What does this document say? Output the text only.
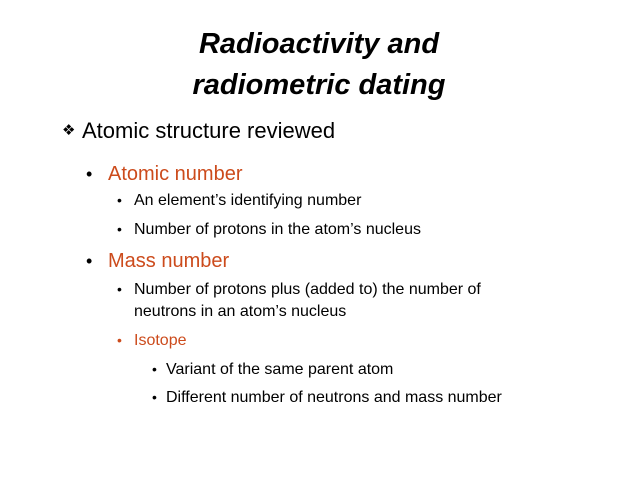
Radioactivity and
radiometric dating
❖ Atomic structure reviewed
• Atomic number
• An element’s identifying number
• Number of protons in the atom’s nucleus
• Mass number
• Number of protons plus (added to) the number of
neutrons in an atom’s nucleus
• Isotope
• Variant of the same parent atom
• Different number of neutrons and mass number
